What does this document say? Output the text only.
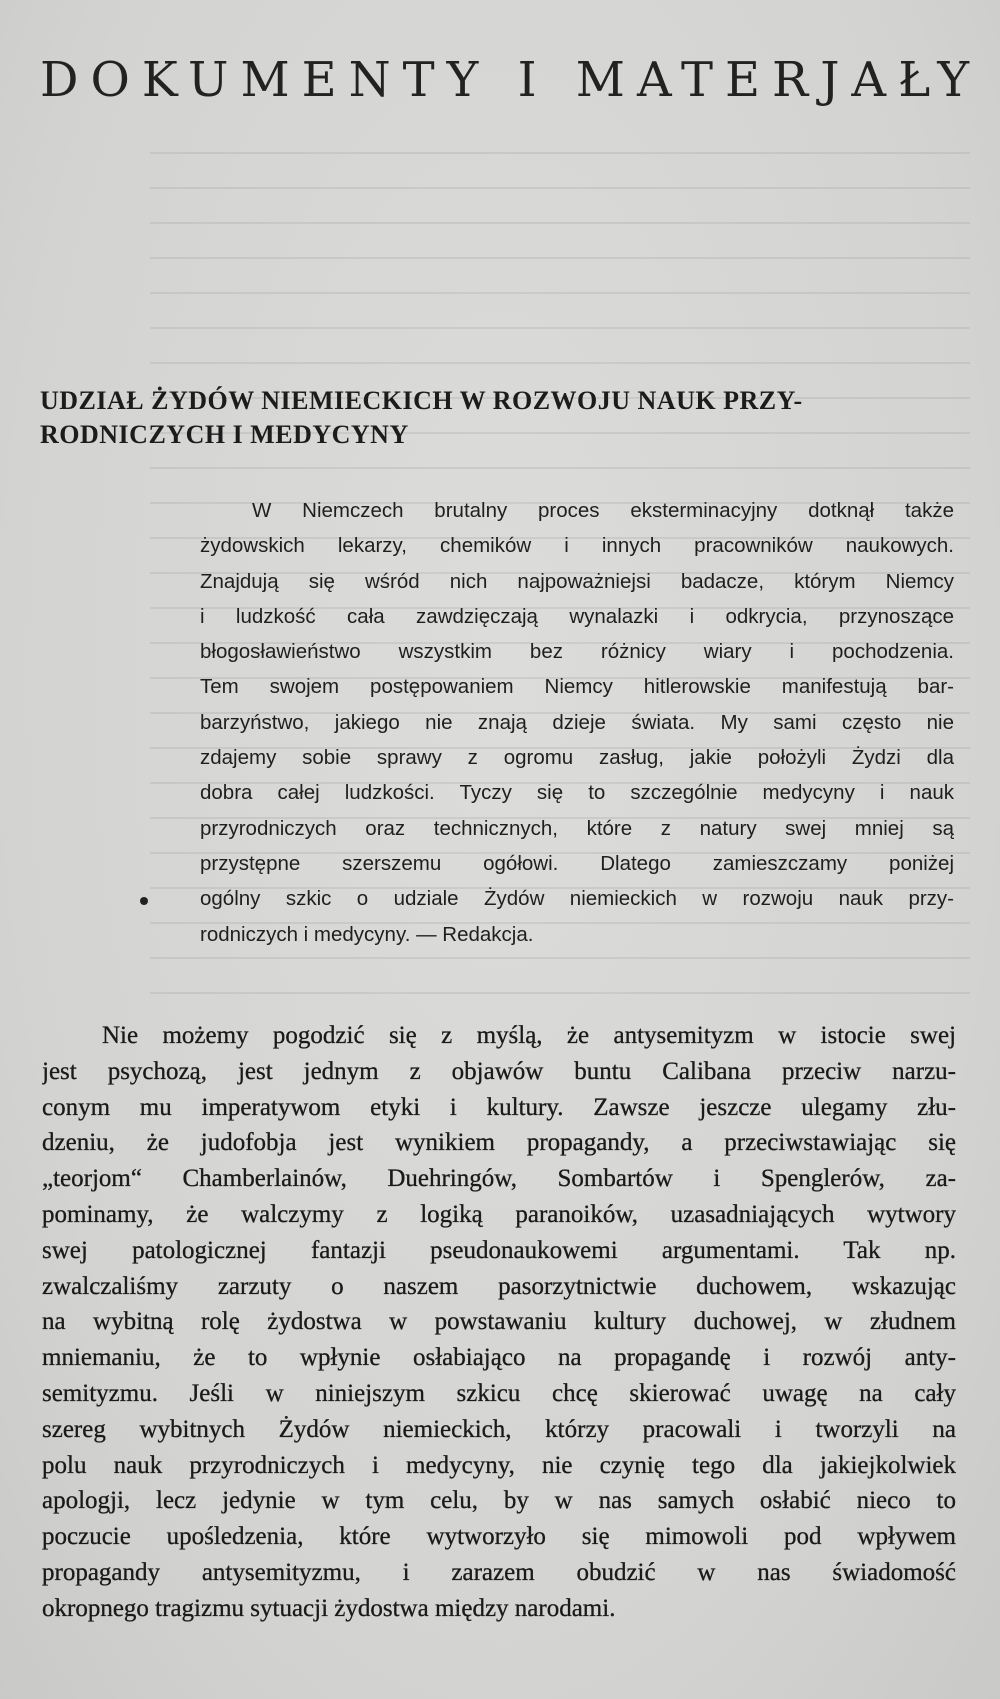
DOKUMENTY I MATERJAŁY
UDZIAŁ ŻYDÓW NIEMIECKICH W ROZWOJU NAUK PRZY-
RODNICZYCH I MEDYCYNY
W Niemczech brutalny proces eksterminacyjny dotknął także
żydowskich lekarzy, chemików i innych pracowników naukowych.
Znajdują się wśród nich najpoważniejsi badacze, którym Niemcy
i ludzkość cała zawdzięczają wynalazki i odkrycia, przynoszące
błogosławieństwo wszystkim bez różnicy wiary i pochodzenia.
Tem swojem postępowaniem Niemcy hitlerowskie manifestują bar-
barzyństwo, jakiego nie znają dzieje świata. My sami często nie
zdajemy sobie sprawy z ogromu zasług, jakie położyli Żydzi dla
dobra całej ludzkości. Tyczy się to szczególnie medycyny i nauk
przyrodniczych oraz technicznych, które z natury swej mniej są
przystępne szerszemu ogółowi. Dlatego zamieszczamy poniżej
ogólny szkic o udziale Żydów niemieckich w rozwoju nauk przy-
rodniczych i medycyny. — Redakcja.
Nie możemy pogodzić się z myślą, że antysemityzm w istocie swej
jest psychozą, jest jednym z objawów buntu Calibana przeciw narzu-
conym mu imperatywom etyki i kultury. Zawsze jeszcze ulegamy złu-
dzeniu, że judofobja jest wynikiem propagandy, a przeciwstawiając się
„teorjom“ Chamberlainów, Duehringów, Sombartów i Spenglerów, za-
pominamy, że walczymy z logiką paranoików, uzasadniających wytwory
swej patologicznej fantazji pseudonaukowemi argumentami. Tak np.
zwalczaliśmy zarzuty o naszem pasorzytnictwie duchowem, wskazując
na wybitną rolę żydostwa w powstawaniu kultury duchowej, w złudnem
mniemaniu, że to wpłynie osłabiająco na propagandę i rozwój anty-
semityzmu. Jeśli w niniejszym szkicu chcę skierować uwagę na cały
szereg wybitnych Żydów niemieckich, którzy pracowali i tworzyli na
polu nauk przyrodniczych i medycyny, nie czynię tego dla jakiejkolwiek
apologji, lecz jedynie w tym celu, by w nas samych osłabić nieco to
poczucie upośledzenia, które wytworzyło się mimowoli pod wpływem
propagandy antysemityzmu, i zarazem obudzić w nas świadomość
okropnego tragizmu sytuacji żydostwa między narodami.
